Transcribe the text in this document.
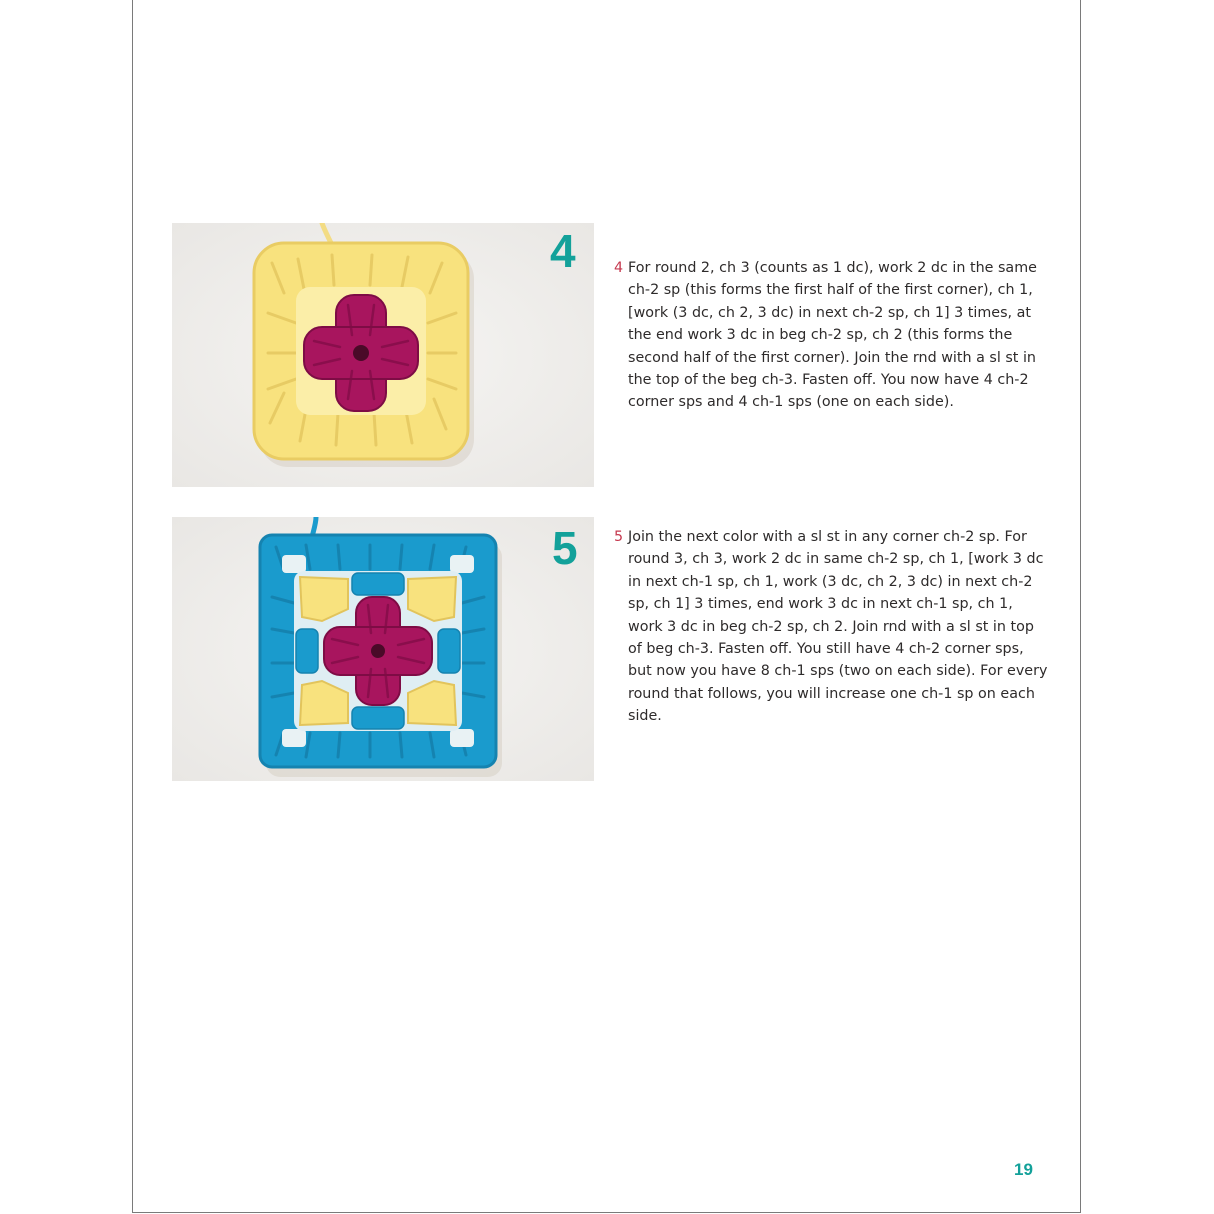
4	4 For round 2, ch 3 (counts as 1 dc), work 2 dc in the same ch-2 sp (this forms the first half of the first corner), ch 1, [work (3 dc, ch 2, 3 dc) in next ch-2 sp, ch 1] 3 times, at the end work 3 dc in beg ch-2 sp, ch 2 (this forms the second half of the first corner). Join the rnd with a sl st in the top of the beg ch-3. Fasten off. You now have 4 ch-2 corner sps and 4 ch-1 sps (one on each side).
5	5 Join the next color with a sl st in any corner ch-2 sp. For round 3, ch 3, work 2 dc in same ch-2 sp, ch 1, [work 3 dc in next ch-1 sp, ch 1, work (3 dc, ch 2, 3 dc) in next ch-2 sp, ch 1] 3 times, end work 3 dc in next ch-1 sp, ch 1, work 3 dc in beg ch-2 sp, ch 2. Join rnd with a sl st in top of beg ch-3. Fasten off. You still have 4 ch-2 corner sps, but now you have 8 ch-1 sps (two on each side). For every round that follows, you will increase one ch-1 sp on each side.
19
